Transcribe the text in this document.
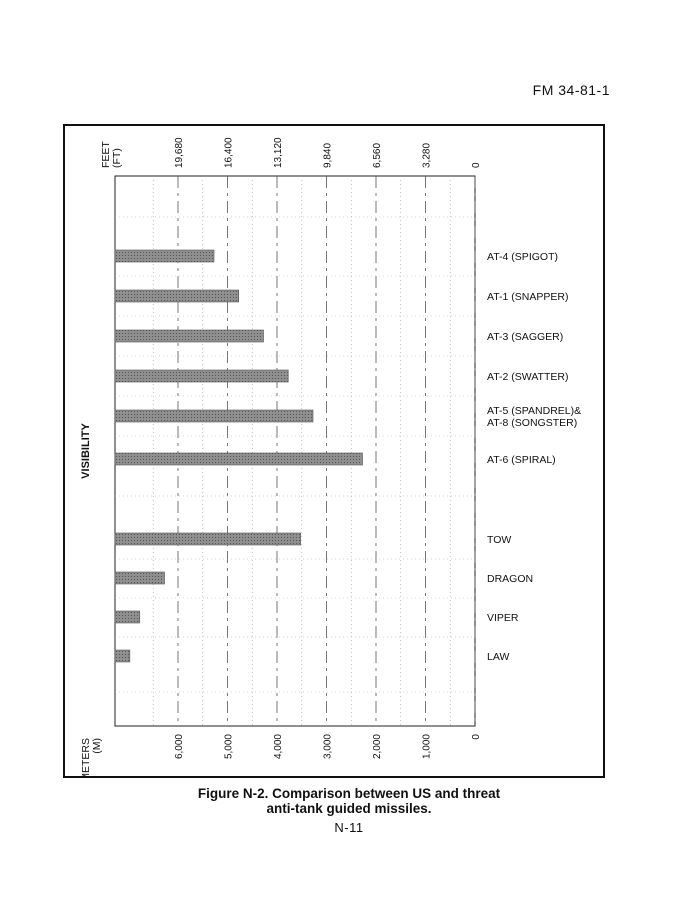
FM 34-81-1
19,680	16,400	13,120	9,840	6,560	3,280	0
6,000	5,000	4,000	3,000	2,000	1,000	0
AT-4 (SPIGOT)
AT-1 (SNAPPER)
AT-3 (SAGGER)
AT-2 (SWATTER)
AT-5 (SPANDREL)&
AT-8 (SONGSTER)
AT-6 (SPIRAL)
TOW
DRAGON
VIPER
LAW
FEET (FT)
METERS (M)
VISIBILITY
Figure N-2. Comparison between US and threat
anti-tank guided missiles.
N-11
